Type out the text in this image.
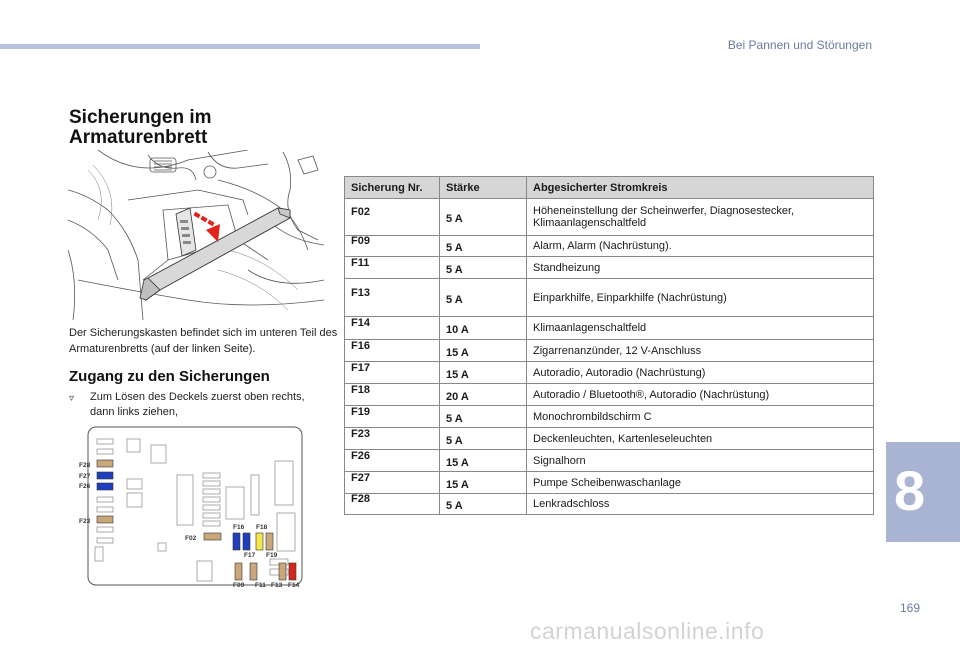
Bei Pannen und Störungen
Sicherungen im
Armaturenbrett
Der Sicherungskasten befindet sich im unteren Teil des Armaturenbretts (auf der linken Seite).
Zugang zu den Sicherungen
▿	Zum Lösen des Deckels zuerst oben rechts, dann links ziehen,
F28
F27
F26
F23
F02
F16 F18
F17 F19
F09 F11 F13 F14
Sicherung Nr.	Stärke	Abgesicherter Stromkreis
F02	5 A	Höheneinstellung der Scheinwerfer, Diagnosestecker, Klimaanlagenschaltfeld
F09	5 A	Alarm, Alarm (Nachrüstung).
F11	5 A	Standheizung
F13	5 A	Einparkhilfe, Einparkhilfe (Nachrüstung)
F14	10 A	Klimaanlagenschaltfeld
F16	15 A	Zigarrenanzünder, 12 V-Anschluss
F17	15 A	Autoradio, Autoradio (Nachrüstung)
F18	20 A	Autoradio / Bluetooth®, Autoradio (Nachrüstung)
F19	5 A	Monochrombildschirm C
F23	5 A	Deckenleuchten, Kartenleseleuchten
F26	15 A	Signalhorn
F27	15 A	Pumpe Scheibenwaschanlage
F28	5 A	Lenkradschloss	8
169
carmanualsonline.info
